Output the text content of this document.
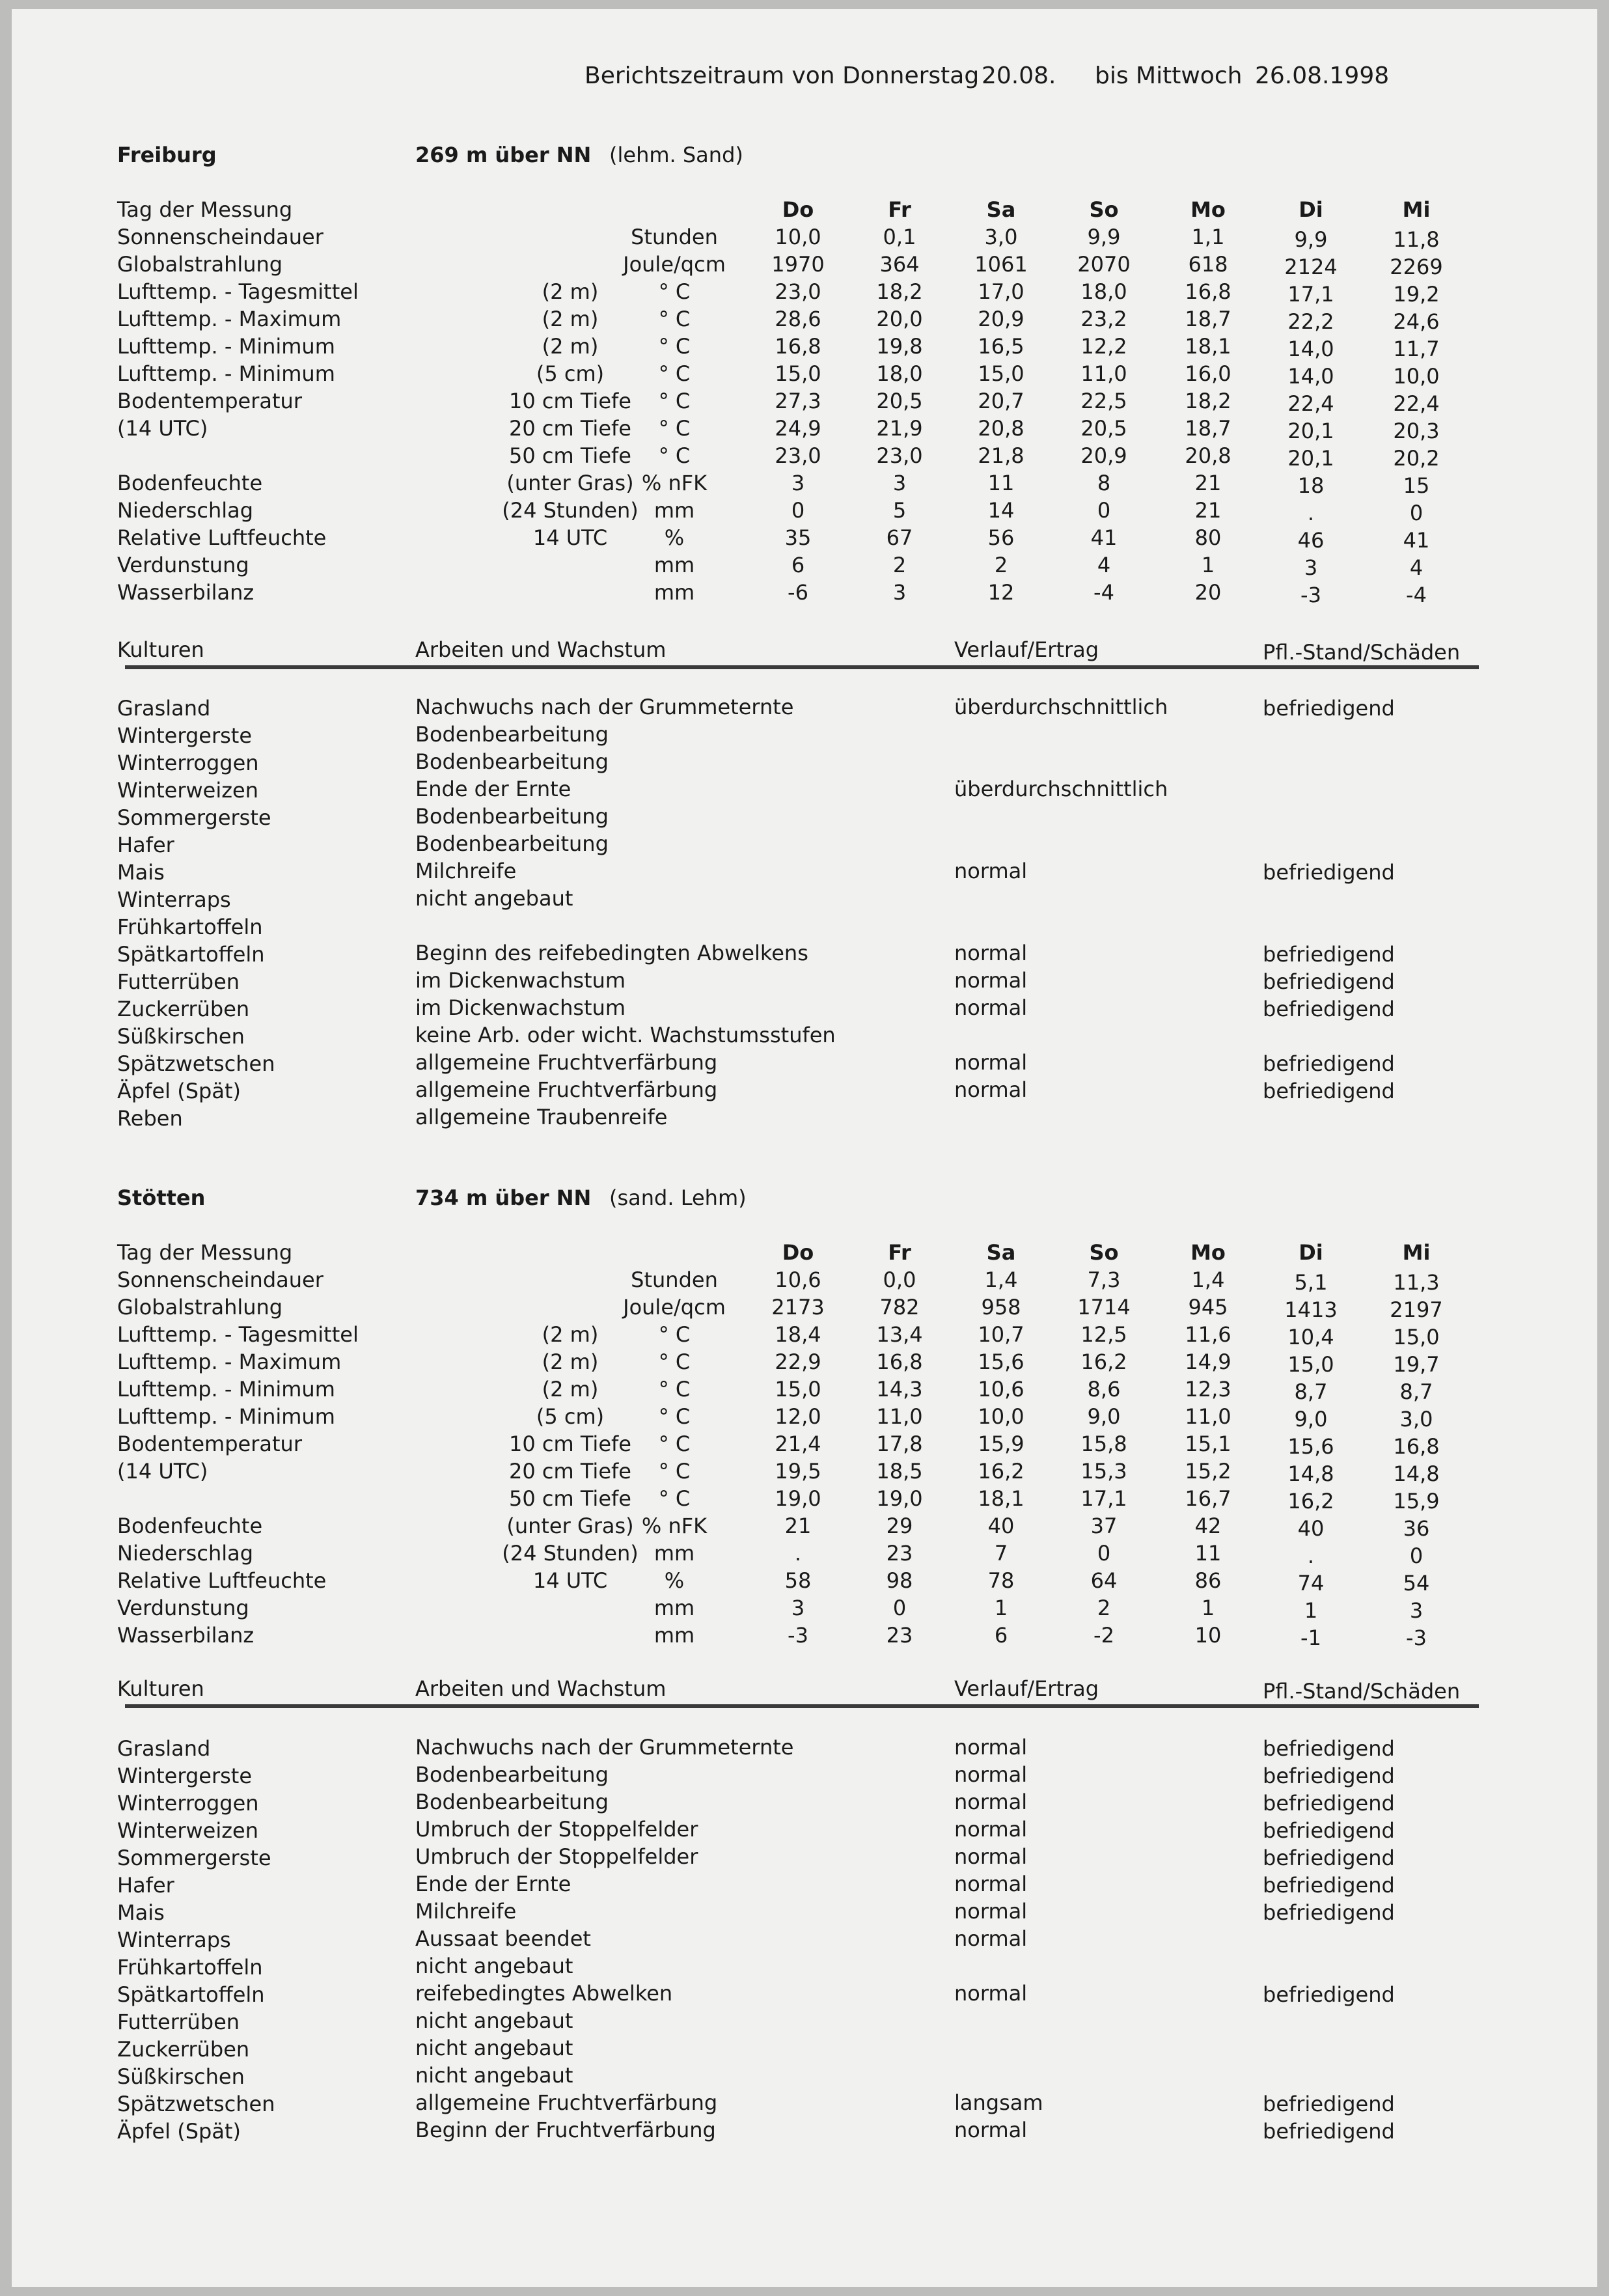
Berichtszeitraum von Donnerstag 20.08. bis Mittwoch 26.08.1998
Freiburg	269 m über NN (lehm. Sand)
Tag der Messung	Do	Fr	Sa	So	Mo	Di	Mi
Sonnenscheindauer	Stunden	10,0	0,1	3,0	9,9	1,1	9,9	11,8
Globalstrahlung	Joule/qcm 1970	364	1061 2070	618	2124	2269
Lufttemp. - Tagesmittel	(2 m)	° C	23,0	18,2	17,0	18,0	16,8	17,1	19,2
Lufttemp. - Maximum	(2 m)	° C	28,6	20,0	20,9	23,2	18,7	22,2	24,6
Lufttemp. - Minimum	(2 m)	° C	16,8	19,8	16,5	12,2	18,1	14,0	11,7
Lufttemp. - Minimum	(5 cm)	° C	15,0	18,0	15,0	11,0	16,0	14,0	10,0
Bodentemperatur	10 cm Tiefe ° C	27,3	20,5	20,7	22,5	18,2	22,4	22,4
(14 UTC)	20 cm Tiefe ° C	24,9	21,9	20,8	20,5	18,7	20,1	20,3
50 cm Tiefe ° C	23,0	23,0	21,8	20,9	20,8	20,1	20,2
Bodenfeuchte	(unter Gras) % nFK	3	3	11	8	21	18	15
Niederschlag	(24 Stunden) mm	0	5	14	0	21	.	0
Relative Luftfeuchte	14 UTC	%	35	67	56	41	80	46	41
Verdunstung	mm	6	2	2	4	1	3	4
Wasserbilanz	mm	-6	3	12	-4	20	-3	-4
Kulturen	Arbeiten und Wachstum	Verlauf/Ertrag	Pfl.-Stand/Schäden
Grasland	Nachwuchs nach der Grummeternte	überdurchschnittlich	befriedigend
Wintergerste	Bodenbearbeitung
Winterroggen	Bodenbearbeitung
Winterweizen	Ende der Ernte	überdurchschnittlich
Sommergerste	Bodenbearbeitung
Hafer	Bodenbearbeitung
Mais	Milchreife	normal	befriedigend
Winterraps	nicht angebaut
Frühkartoffeln
Spätkartoffeln	Beginn des reifebedingten Abwelkens	normal	befriedigend
Futterrüben	im Dickenwachstum	normal	befriedigend
Zuckerrüben	im Dickenwachstum	normal	befriedigend
Süßkirschen	keine Arb. oder wicht. Wachstumsstufen
Spätzwetschen	allgemeine Fruchtverfärbung	normal	befriedigend
Äpfel (Spät)	allgemeine Fruchtverfärbung	normal	befriedigend
Reben	allgemeine Traubenreife
Stötten	734 m über NN (sand. Lehm)
Tag der Messung	Do	Fr	Sa	So	Mo	Di	Mi
Sonnenscheindauer	Stunden	10,6	0,0	1,4	7,3	1,4	5,1	11,3
Globalstrahlung	Joule/qcm 2173	782	958	1714	945	1413	2197
Lufttemp. - Tagesmittel	(2 m)	° C	18,4	13,4	10,7	12,5	11,6	10,4	15,0
Lufttemp. - Maximum	(2 m)	° C	22,9	16,8	15,6	16,2	14,9	15,0	19,7
Lufttemp. - Minimum	(2 m)	° C	15,0	14,3	10,6	8,6	12,3	8,7	8,7
Lufttemp. - Minimum	(5 cm)	° C	12,0	11,0	10,0	9,0	11,0	9,0	3,0
Bodentemperatur	10 cm Tiefe ° C	21,4	17,8	15,9	15,8	15,1	15,6	16,8
(14 UTC)	20 cm Tiefe ° C	19,5	18,5	16,2	15,3	15,2	14,8	14,8
50 cm Tiefe ° C	19,0	19,0	18,1	17,1	16,7	16,2	15,9
Bodenfeuchte	(unter Gras) % nFK	21	29	40	37	42	40	36
Niederschlag	(24 Stunden) mm	.	23	7	0	11	.	0
Relative Luftfeuchte	14 UTC	%	58	98	78	64	86	74	54
Verdunstung	mm	3	0	1	2	1	1	3
Wasserbilanz	mm	-3	23	6	-2	10	-1	-3
Kulturen	Arbeiten und Wachstum	Verlauf/Ertrag	Pfl.-Stand/Schäden
Grasland	Nachwuchs nach der Grummeternte	normal	befriedigend
Wintergerste	Bodenbearbeitung	normal	befriedigend
Winterroggen	Bodenbearbeitung	normal	befriedigend
Winterweizen	Umbruch der Stoppelfelder	normal	befriedigend
Sommergerste	Umbruch der Stoppelfelder	normal	befriedigend
Hafer	Ende der Ernte	normal	befriedigend
Mais	Milchreife	normal	befriedigend
Winterraps	Aussaat beendet	normal
Frühkartoffeln	nicht angebaut
Spätkartoffeln	reifebedingtes Abwelken	normal	befriedigend
Futterrüben	nicht angebaut
Zuckerrüben	nicht angebaut
Süßkirschen	nicht angebaut
Spätzwetschen	allgemeine Fruchtverfärbung	langsam	befriedigend
Äpfel (Spät)	Beginn der Fruchtverfärbung	normal	befriedigend
